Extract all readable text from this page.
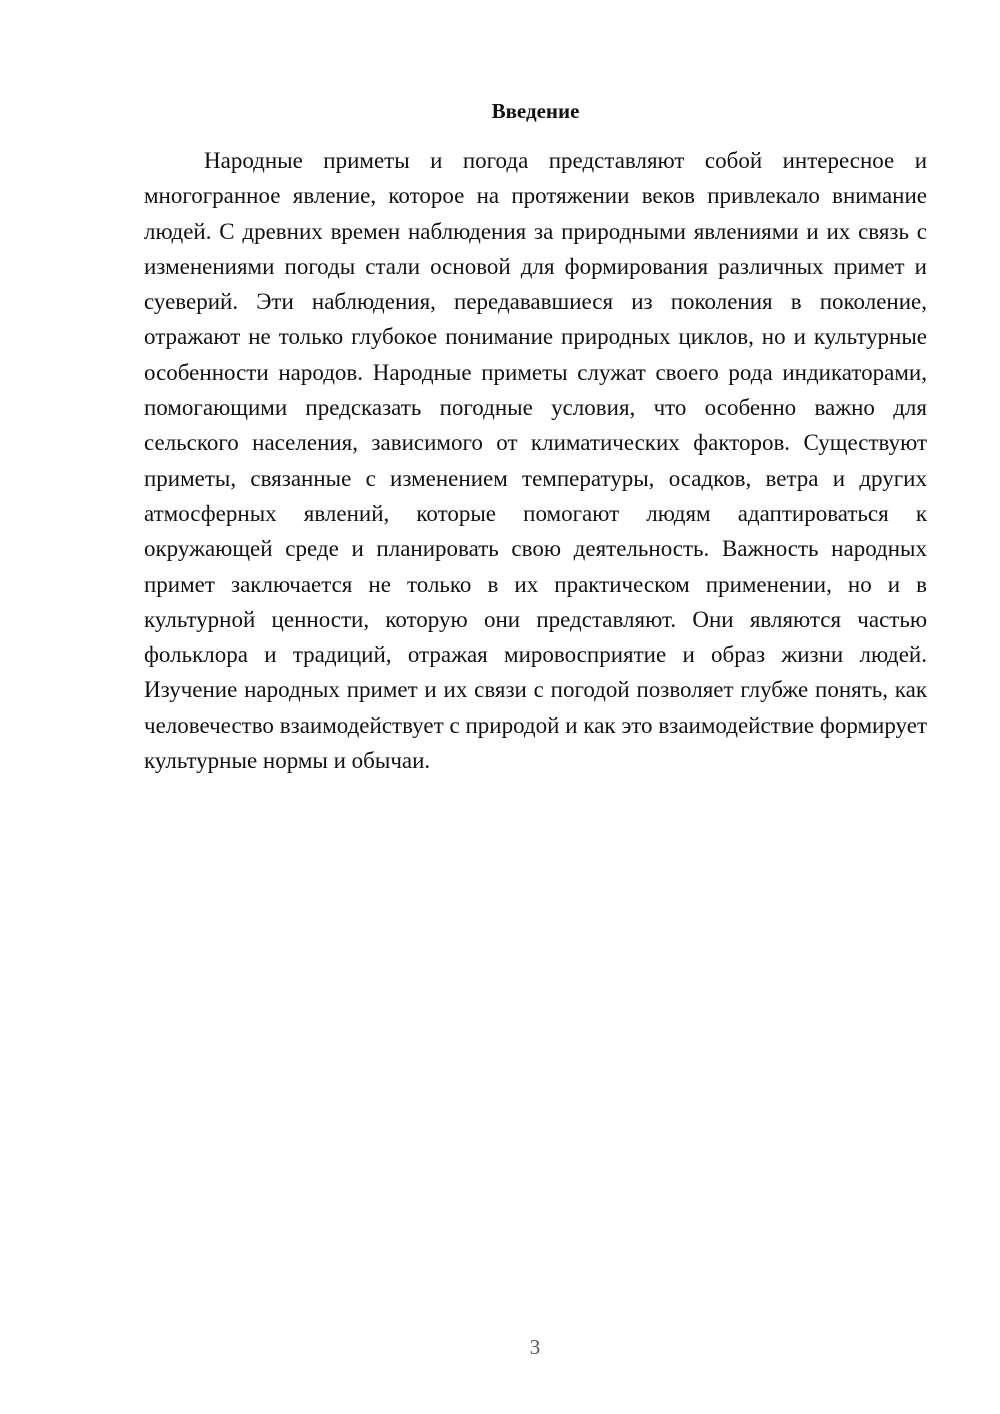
Введение

Народные приметы и погода представляют собой интересное и многогранное явление, которое на протяжении веков привлекало внимание людей. С древних времен наблюдения за природными явлениями и их связь с изменениями погоды стали основой для формирования различных примет и суеверий. Эти наблюдения, передававшиеся из поколения в поколение, отражают не только глубокое понимание природных циклов, но и культурные особенности народов. Народные приметы служат своего рода индикаторами, помогающими предсказать погодные условия, что особенно важно для сельского населения, зависимого от климатических факторов. Существуют приметы, связанные с изменением температуры, осадков, ветра и других атмосферных явлений, которые помогают людям адаптироваться к окружающей среде и планировать свою деятельность. Важность народных примет заключается не только в их практическом применении, но и в культурной ценности, которую они представляют. Они являются частью фольклора и традиций, отражая мировосприятие и образ жизни людей. Изучение народных примет и их связи с погодой позволяет глубже понять, как человечество взаимодействует с природой и как это взаимодействие формирует культурные нормы и обычаи.

3
